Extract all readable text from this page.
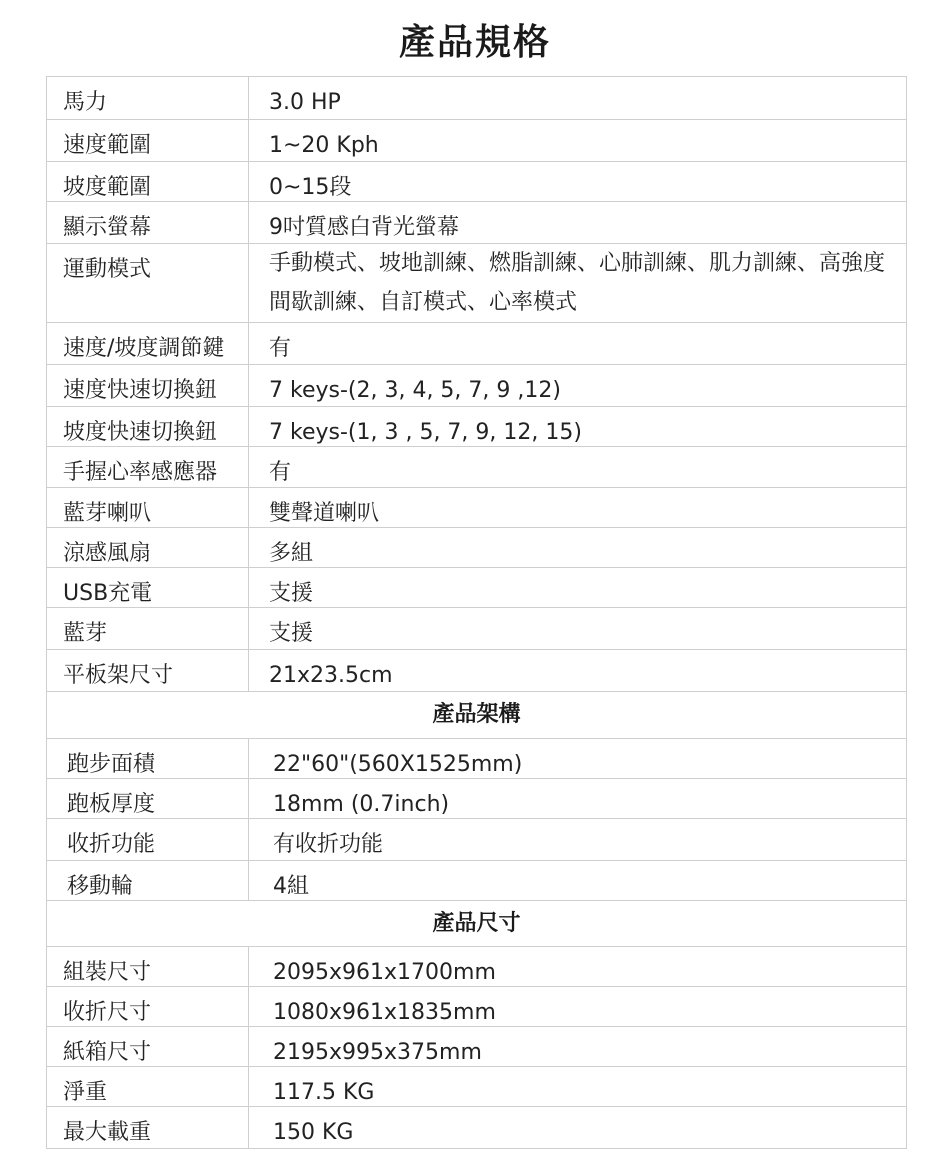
產品規格
馬力	3.0 HP

速度範圍	1~20 Kph

坡度範圍	0~15段

顯示螢幕	9吋質感白背光螢幕

運動模式	手動模式、坡地訓練、燃脂訓練、心肺訓練、肌力訓練、高強度間歇訓練、自訂模式、心率模式

速度/坡度調節鍵	有

速度快速切換鈕	7 keys-(2, 3, 4, 5, 7, 9 ,12)

坡度快速切換鈕	7 keys-(1, 3 , 5, 7, 9, 12, 15)

手握心率感應器	有

藍芽喇叭	雙聲道喇叭

涼感風扇	多組

USB充電	支援

藍芽	支援

平板架尺寸	21x23.5cm

產品架構	

跑步面積	22"60"(560X1525mm)

跑板厚度	18mm (0.7inch)

收折功能	有收折功能

移動輪	4組

產品尺寸	

組裝尺寸	2095x961x1700mm

收折尺寸	1080x961x1835mm

紙箱尺寸	2195x995x375mm

淨重	117.5 KG

最大載重	150 KG
